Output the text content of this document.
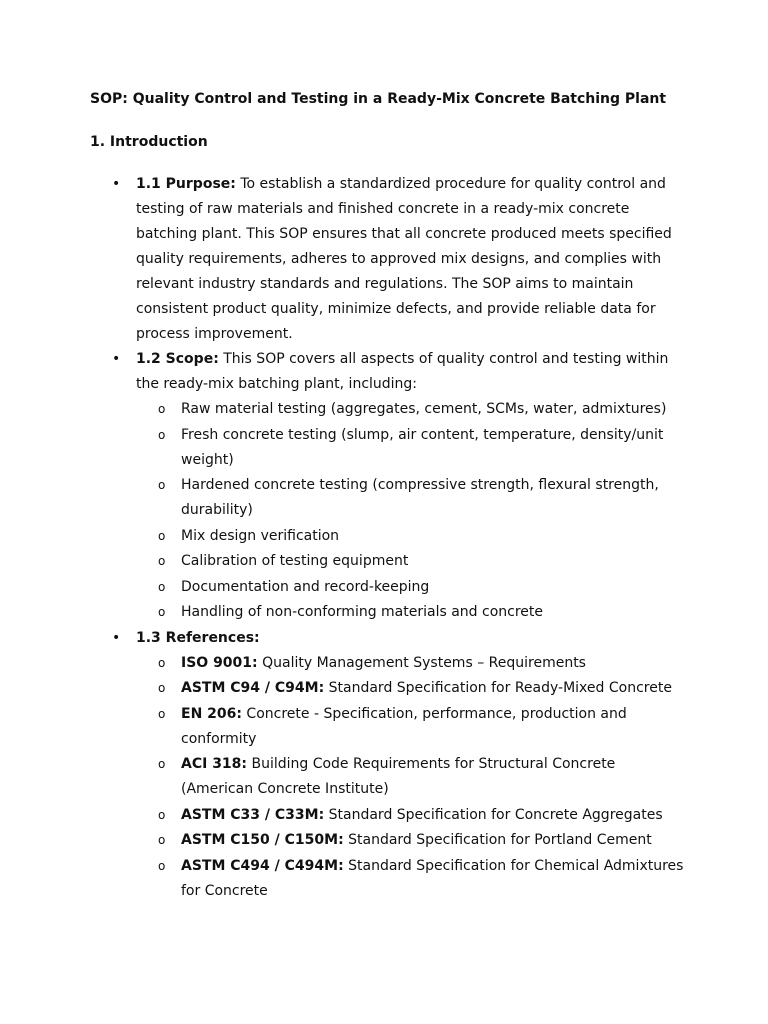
SOP: Quality Control and Testing in a Ready-Mix Concrete Batching Plant

1. Introduction

• 1.1 Purpose: To establish a standardized procedure for quality control and testing of raw materials and finished concrete in a ready-mix concrete batching plant. This SOP ensures that all concrete produced meets specified quality requirements, adheres to approved mix designs, and complies with relevant industry standards and regulations. The SOP aims to maintain consistent product quality, minimize defects, and provide reliable data for process improvement.
• 1.2 Scope: This SOP covers all aspects of quality control and testing within the ready-mix batching plant, including:
o Raw material testing (aggregates, cement, SCMs, water, admixtures)
o Fresh concrete testing (slump, air content, temperature, density/unit weight)
o Hardened concrete testing (compressive strength, flexural strength, durability)
o Mix design verification
o Calibration of testing equipment
o Documentation and record-keeping
o Handling of non-conforming materials and concrete
• 1.3 References:
o ISO 9001: Quality Management Systems – Requirements
o ASTM C94 / C94M: Standard Specification for Ready-Mixed Concrete
o EN 206: Concrete - Specification, performance, production and conformity
o ACI 318: Building Code Requirements for Structural Concrete (American Concrete Institute)
o ASTM C33 / C33M: Standard Specification for Concrete Aggregates
o ASTM C150 / C150M: Standard Specification for Portland Cement
o ASTM C494 / C494M: Standard Specification for Chemical Admixtures for Concrete
